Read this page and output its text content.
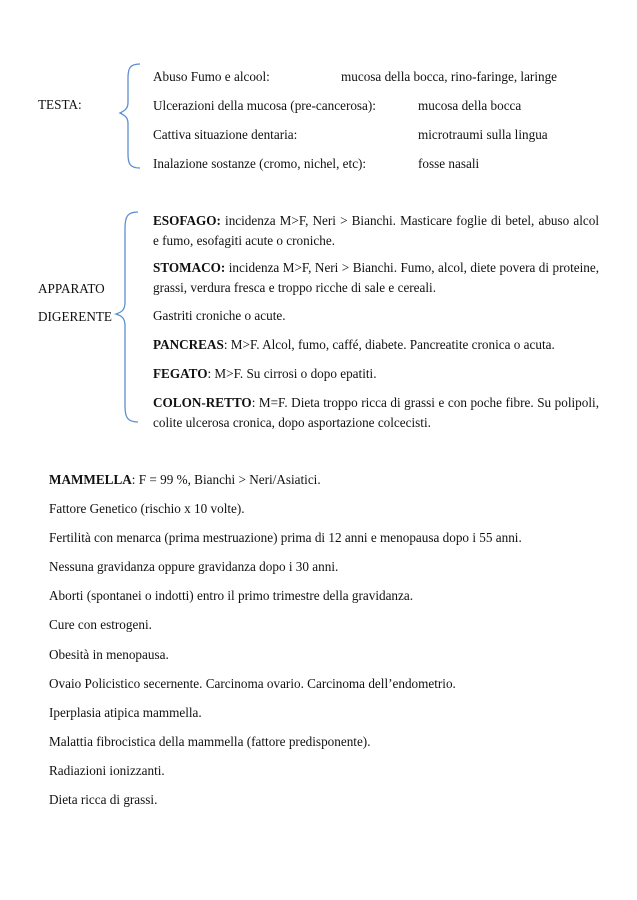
TESTA:
Abuso Fumo e alcool:	mucosa della bocca, rino-faringe, laringe
Ulcerazioni della mucosa (pre-cancerosa):	mucosa della bocca
Cattiva situazione dentaria:	microtraumi sulla lingua
Inalazione sostanze (cromo, nichel, etc):	fosse nasali
APPARATO
DIGERENTE
ESOFAGO: incidenza M>F, Neri > Bianchi. Masticare foglie di betel, abuso alcol e fumo, esofagiti acute o croniche.
STOMACO: incidenza M>F, Neri > Bianchi. Fumo, alcol, diete povera di proteine, grassi, verdura fresca e troppo ricche di sale e cereali.
Gastriti croniche o acute.
PANCREAS: M>F. Alcol, fumo, caffé, diabete. Pancreatite cronica o acuta.
FEGATO: M>F. Su cirrosi o dopo epatiti.
COLON-RETTO: M=F. Dieta troppo ricca di grassi e con poche fibre. Su polipoli, colite ulcerosa cronica, dopo asportazione colcecisti.
MAMMELLA: F = 99 %, Bianchi > Neri/Asiatici.
Fattore Genetico (rischio x 10 volte).
Fertilità con menarca (prima mestruazione) prima di 12 anni e menopausa dopo i 55 anni.
Nessuna gravidanza oppure gravidanza dopo i 30 anni.
Aborti (spontanei o indotti) entro il primo trimestre della gravidanza.
Cure con estrogeni.
Obesità in menopausa.
Ovaio Policistico secernente. Carcinoma ovario. Carcinoma dell’endometrio.
Iperplasia atipica mammella.
Malattia fibrocistica della mammella (fattore predisponente).
Radiazioni ionizzanti.
Dieta ricca di grassi.
